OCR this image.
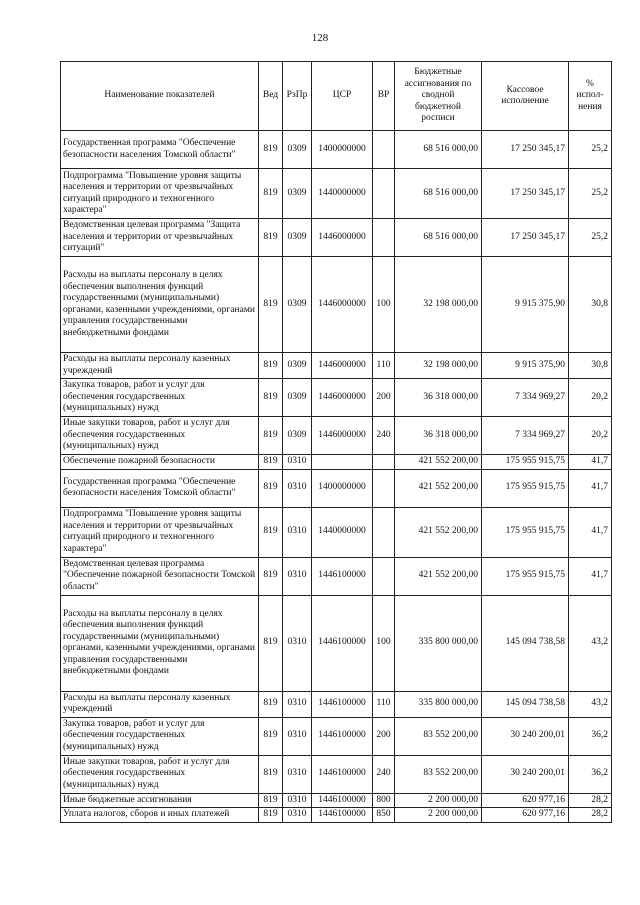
128
Наименование показателей	Вед	РзПр	ЦСР	ВР	Бюджетные ассигнования по сводной бюджетной росписи	Кассовое исполнение	% испол-нения
Государственная программа "Обеспечение безопасности населения Томской области"	819	0309	1400000000		68 516 000,00	17 250 345,17	25,2
Подпрограмма "Повышение уровня защиты населения и территории от чрезвычайных ситуаций природного и техногенного характера"	819	0309	1440000000		68 516 000,00	17 250 345,17	25,2
Ведомственная целевая программа "Защита населения и территории от чрезвычайных ситуаций"	819	0309	1446000000		68 516 000,00	17 250 345,17	25,2
Расходы на выплаты персоналу в целях обеспечения выполнения функций государственными (муниципальными) органами, казенными учреждениями, органами управления государственными внебюджетными фондами	819	0309	1446000000	100	32 198 000,00	9 915 375,90	30,8
Расходы на выплаты персоналу казенных учреждений	819	0309	1446000000	110	32 198 000,00	9 915 375,90	30,8
Закупка товаров, работ и услуг для обеспечения государственных (муниципальных) нужд	819	0309	1446000000	200	36 318 000,00	7 334 969,27	20,2
Иные закупки товаров, работ и услуг для обеспечения государственных (муниципальных) нужд	819	0309	1446000000	240	36 318 000,00	7 334 969,27	20,2
Обеспечение пожарной безопасности	819	0310			421 552 200,00	175 955 915,75	41,7
Государственная программа "Обеспечение безопасности населения Томской области"	819	0310	1400000000		421 552 200,00	175 955 915,75	41,7
Подпрограмма "Повышение уровня защиты населения и территории от чрезвычайных ситуаций природного и техногенного характера"	819	0310	1440000000		421 552 200,00	175 955 915,75	41,7
Ведомственная целевая программа "Обеспечение пожарной безопасности Томской области"	819	0310	1446100000		421 552 200,00	175 955 915,75	41,7
Расходы на выплаты персоналу в целях обеспечения выполнения функций государственными (муниципальными) органами, казенными учреждениями, органами управления государственными внебюджетными фондами	819	0310	1446100000	100	335 800 000,00	145 094 738,58	43,2
Расходы на выплаты персоналу казенных учреждений	819	0310	1446100000	110	335 800 000,00	145 094 738,58	43,2
Закупка товаров, работ и услуг для обеспечения государственных (муниципальных) нужд	819	0310	1446100000	200	83 552 200,00	30 240 200,01	36,2
Иные закупки товаров, работ и услуг для обеспечения государственных (муниципальных) нужд	819	0310	1446100000	240	83 552 200,00	30 240 200,01	36,2
Иные бюджетные ассигнования	819	0310	1446100000	800	2 200 000,00	620 977,16	28,2
Уплата налогов, сборов и иных платежей	819	0310	1446100000	850	2 200 000,00	620 977,16	28,2
